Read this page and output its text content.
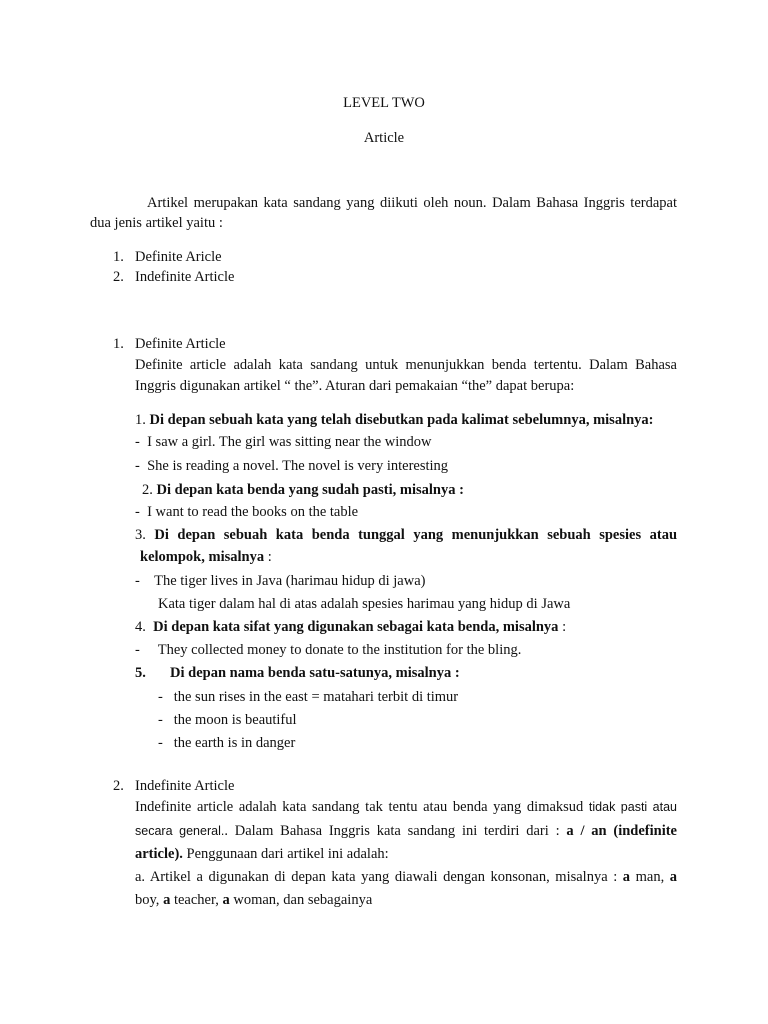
LEVEL TWO
Article
Artikel merupakan kata sandang yang diikuti oleh noun. Dalam Bahasa Inggris terdapat
dua jenis artikel yaitu :
1. Definite Aricle
2. Indefinite Article
1. Definite Article
Definite article adalah kata sandang untuk menunjukkan benda tertentu. Dalam Bahasa
Inggris digunakan artikel “ the”. Aturan dari pemakaian “the” dapat berupa:
1. Di depan sebuah kata yang telah disebutkan pada kalimat sebelumnya, misalnya:
- I saw a girl. The girl was sitting near the window
- She is reading a novel. The novel is very interesting
2. Di depan kata benda yang sudah pasti, misalnya :
- I want to read the books on the table
3. Di depan sebuah kata benda tunggal yang menunjukkan sebuah spesies atau
kelompok, misalnya :
- The tiger lives in Java (harimau hidup di jawa)
Kata tiger dalam hal di atas adalah spesies harimau yang hidup di Jawa
4. Di depan kata sifat yang digunakan sebagai kata benda, misalnya :
- They collected money to donate to the institution for the bling.
5. Di depan nama benda satu-satunya, misalnya :
- the sun rises in the east = matahari terbit di timur
- the moon is beautiful
- the earth is in danger
2. Indefinite Article
Indefinite article adalah kata sandang tak tentu atau benda yang dimaksud tidak pasti atau
secara general.. Dalam Bahasa Inggris kata sandang ini terdiri dari : a / an (indefinite
article). Penggunaan dari artikel ini adalah:
a. Artikel a digunakan di depan kata yang diawali dengan konsonan, misalnya : a man, a
boy, a teacher, a woman, dan sebagainya
